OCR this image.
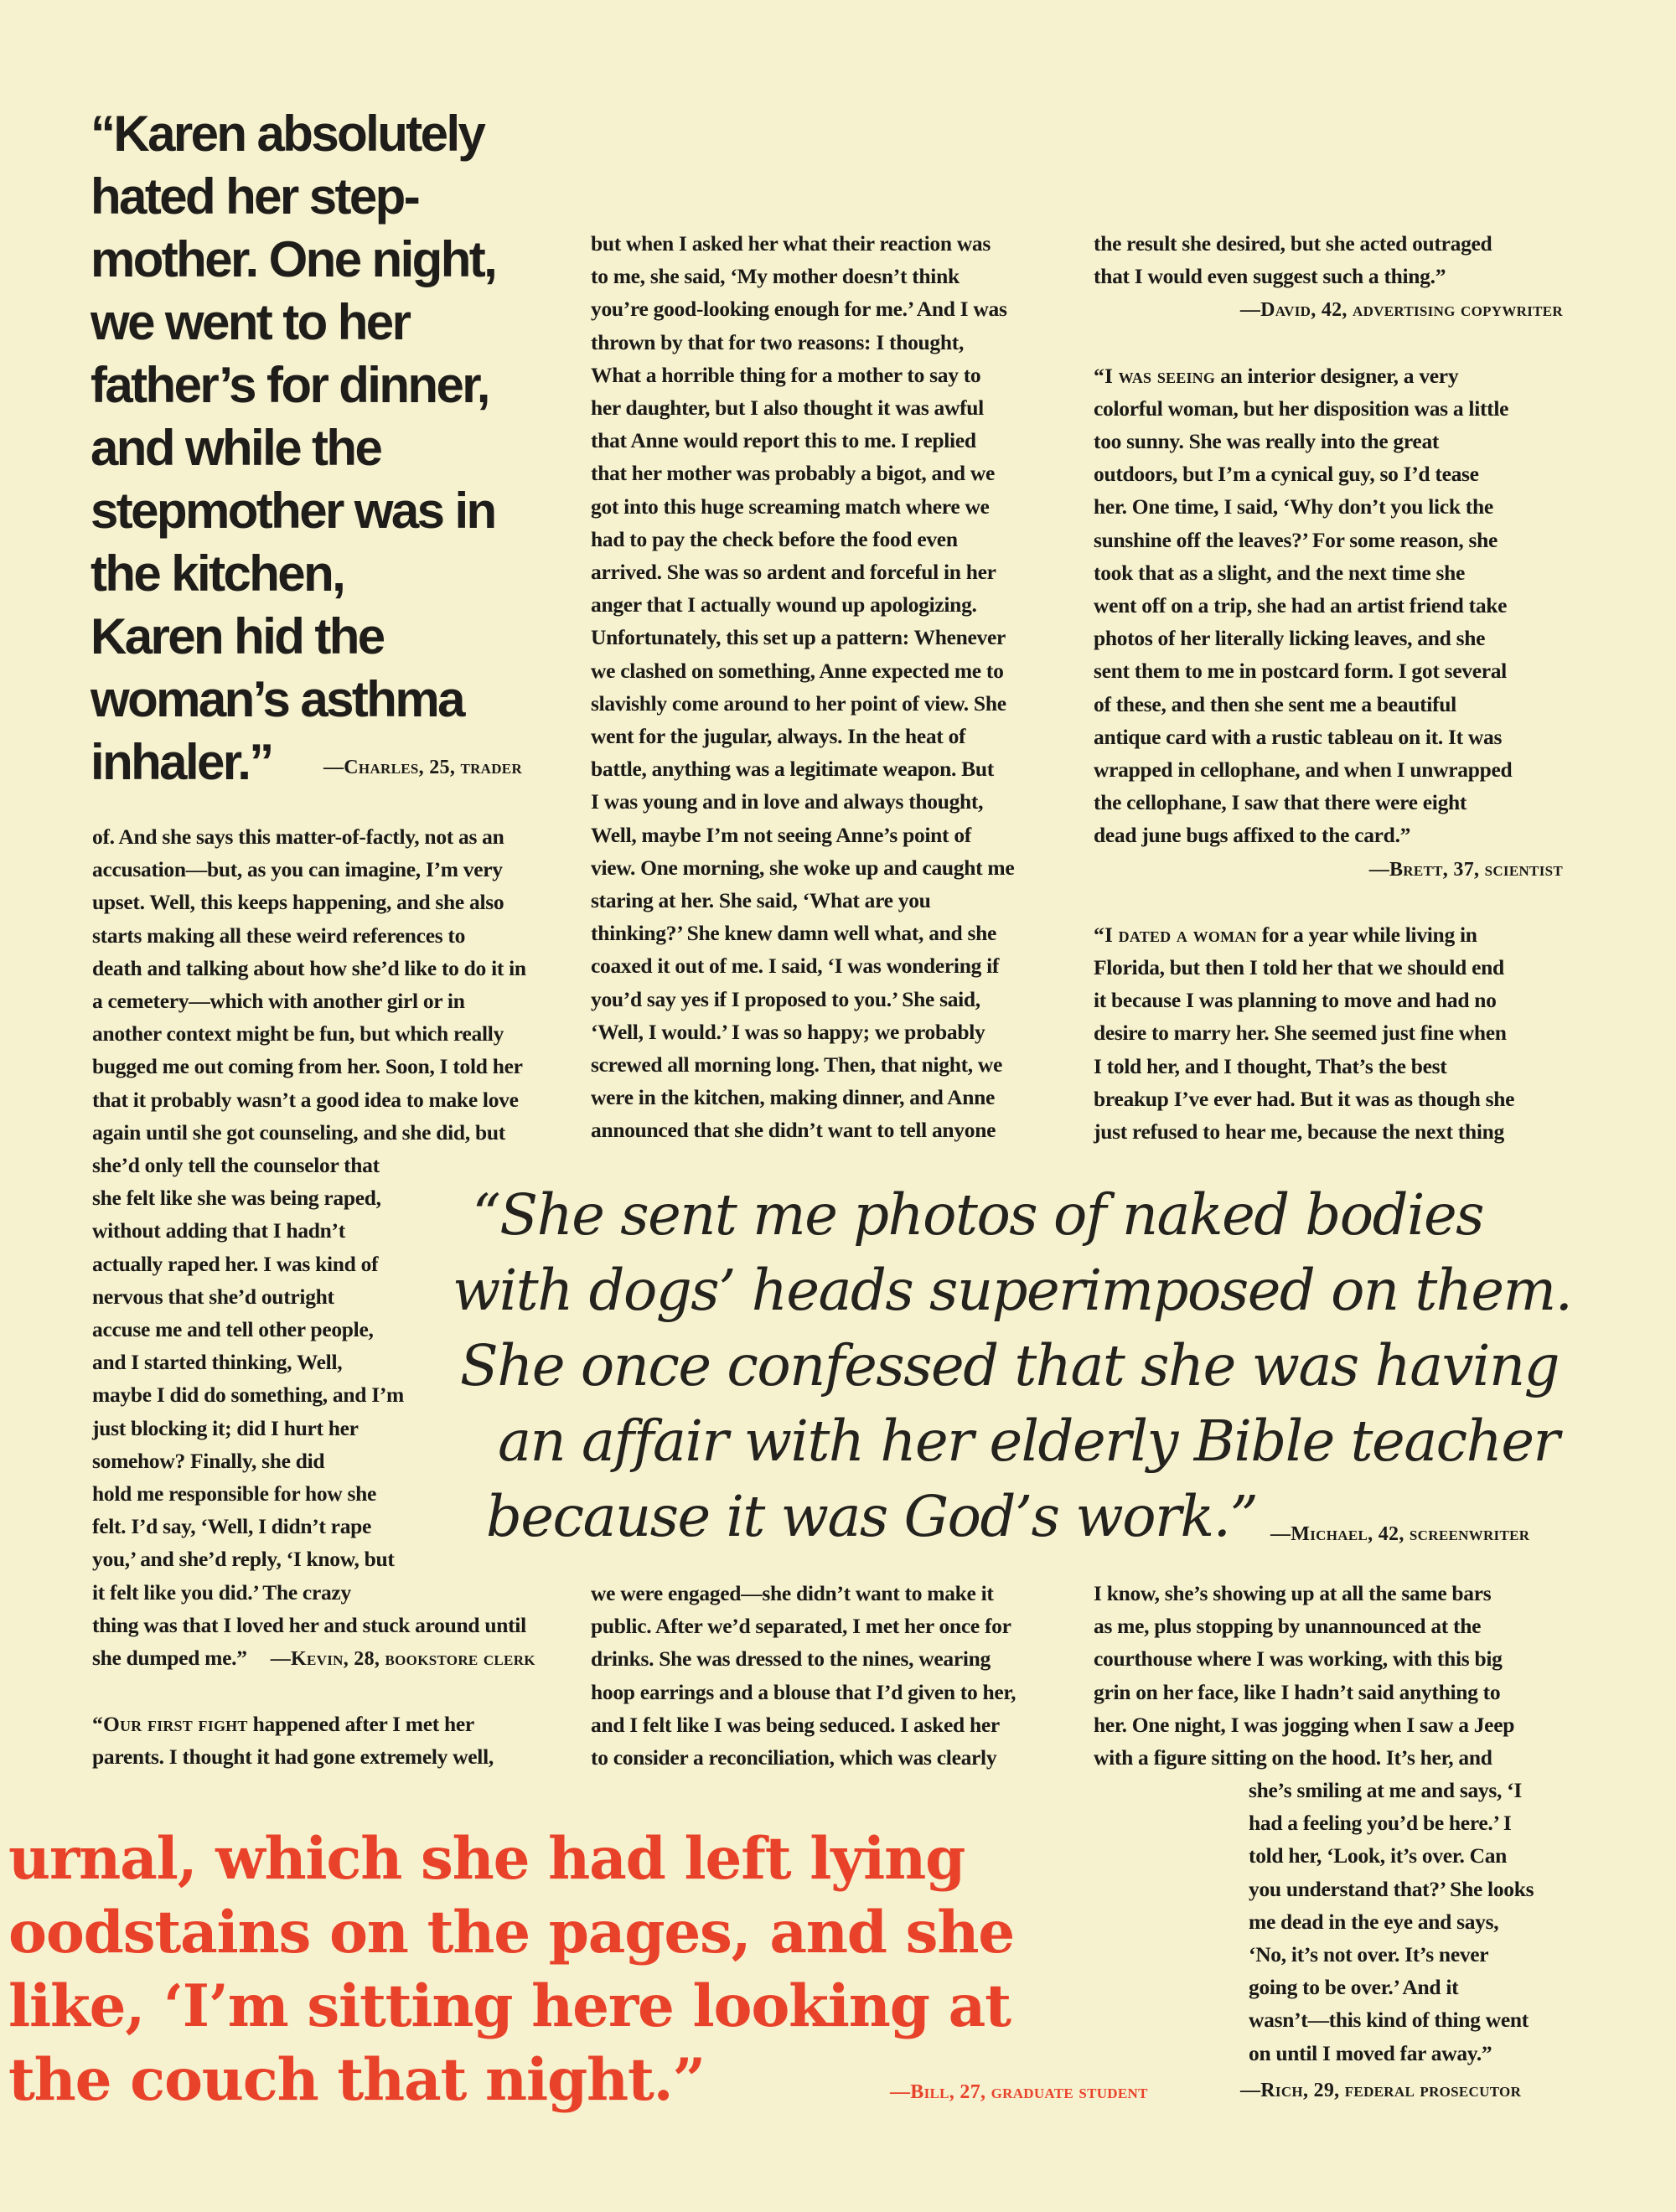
“Karen absolutely
hated her step-
mother. One night,
we went to her
father’s for dinner,
and while the
stepmother was in
the kitchen,
Karen hid the
woman’s asthma
inhaler.”	—Charles, 25, trader

of. And she says this matter-of-factly, not as an

accusation—but, as you can imagine, I’m very

upset. Well, this keeps happening, and she also

starts making all these weird references to

death and talking about how she’d like to do it in

a cemetery—which with another girl or in

another context might be fun, but which really

bugged me out coming from her. Soon, I told her

that it probably wasn’t a good idea to make love

again until she got counseling, and she did, but

she’d only tell the counselor that

she felt like she was being raped,

without adding that I hadn’t

actually raped her. I was kind of

nervous that she’d outright

accuse me and tell other people,

and I started thinking, Well,

maybe I did do something, and I’m

just blocking it; did I hurt her

somehow? Finally, she did

hold me responsible for how she

felt. I’d say, ‘Well, I didn’t rape

you,’ and she’d reply, ‘I know, but

it felt like you did.’ The crazy

thing was that I loved her and stuck around until

she dumped me.” —Kevin, 28, bookstore clerk

“Our first fight happened after I met her

parents. I thought it had gone extremely well,

but when I asked her what their reaction was

to me, she said, ‘My mother doesn’t think

you’re good-looking enough for me.’ And I was

thrown by that for two reasons: I thought,

What a horrible thing for a mother to say to

her daughter, but I also thought it was awful

that Anne would report this to me. I replied

that her mother was probably a bigot, and we

got into this huge screaming match where we

had to pay the check before the food even

arrived. She was so ardent and forceful in her

anger that I actually wound up apologizing.

Unfortunately, this set up a pattern: Whenever

we clashed on something, Anne expected me to

slavishly come around to her point of view. She

went for the jugular, always. In the heat of

battle, anything was a legitimate weapon. But

I was young and in love and always thought,

Well, maybe I’m not seeing Anne’s point of

view. One morning, she woke up and caught me

staring at her. She said, ‘What are you

thinking?’ She knew damn well what, and she

coaxed it out of me. I said, ‘I was wondering if

you’d say yes if I proposed to you.’ She said,

‘Well, I would.’ I was so happy; we probably

screwed all morning long. Then, that night, we

were in the kitchen, making dinner, and Anne

announced that she didn’t want to tell anyone

we were engaged—she didn’t want to make it

public. After we’d separated, I met her once for

drinks. She was dressed to the nines, wearing

hoop earrings and a blouse that I’d given to her,

and I felt like I was being seduced. I asked her

to consider a reconciliation, which was clearly

the result she desired, but she acted outraged

that I would even suggest such a thing.”

—David, 42, advertising copywriter

“I was seeing an interior designer, a very

colorful woman, but her disposition was a little

too sunny. She was really into the great

outdoors, but I’m a cynical guy, so I’d tease

her. One time, I said, ‘Why don’t you lick the

sunshine off the leaves?’ For some reason, she

took that as a slight, and the next time she

went off on a trip, she had an artist friend take

photos of her literally licking leaves, and she

sent them to me in postcard form. I got several

of these, and then she sent me a beautiful

antique card with a rustic tableau on it. It was

wrapped in cellophane, and when I unwrapped

the cellophane, I saw that there were eight

dead june bugs affixed to the card.”

—Brett, 37, scientist

“I dated a woman for a year while living in

Florida, but then I told her that we should end

it because I was planning to move and had no

desire to marry her. She seemed just fine when

I told her, and I thought, That’s the best

breakup I’ve ever had. But it was as though she

just refused to hear me, because the next thing

I know, she’s showing up at all the same bars

as me, plus stopping by unannounced at the

courthouse where I was working, with this big

grin on her face, like I hadn’t said anything to

her. One night, I was jogging when I saw a Jeep

with a figure sitting on the hood. It’s her, and

she’s smiling at me and says, ‘I

had a feeling you’d be here.’ I

told her, ‘Look, it’s over. Can

you understand that?’ She looks

me dead in the eye and says,

‘No, it’s not over. It’s never

going to be over.’ And it

wasn’t—this kind of thing went

on until I moved far away.”

—Rich, 29, federal prosecutor
“She sent me photos of naked bodies
with dogs’ heads superimposed on them.
She once confessed that she was having
an affair with her elderly Bible teacher
because it was God’s work.” —Michael, 42, screenwriter
urnal, which she had left lying
oodstains on the pages, and she
like, ‘I’m sitting here looking at
the couch that night.”	—Bill, 27, graduate student
